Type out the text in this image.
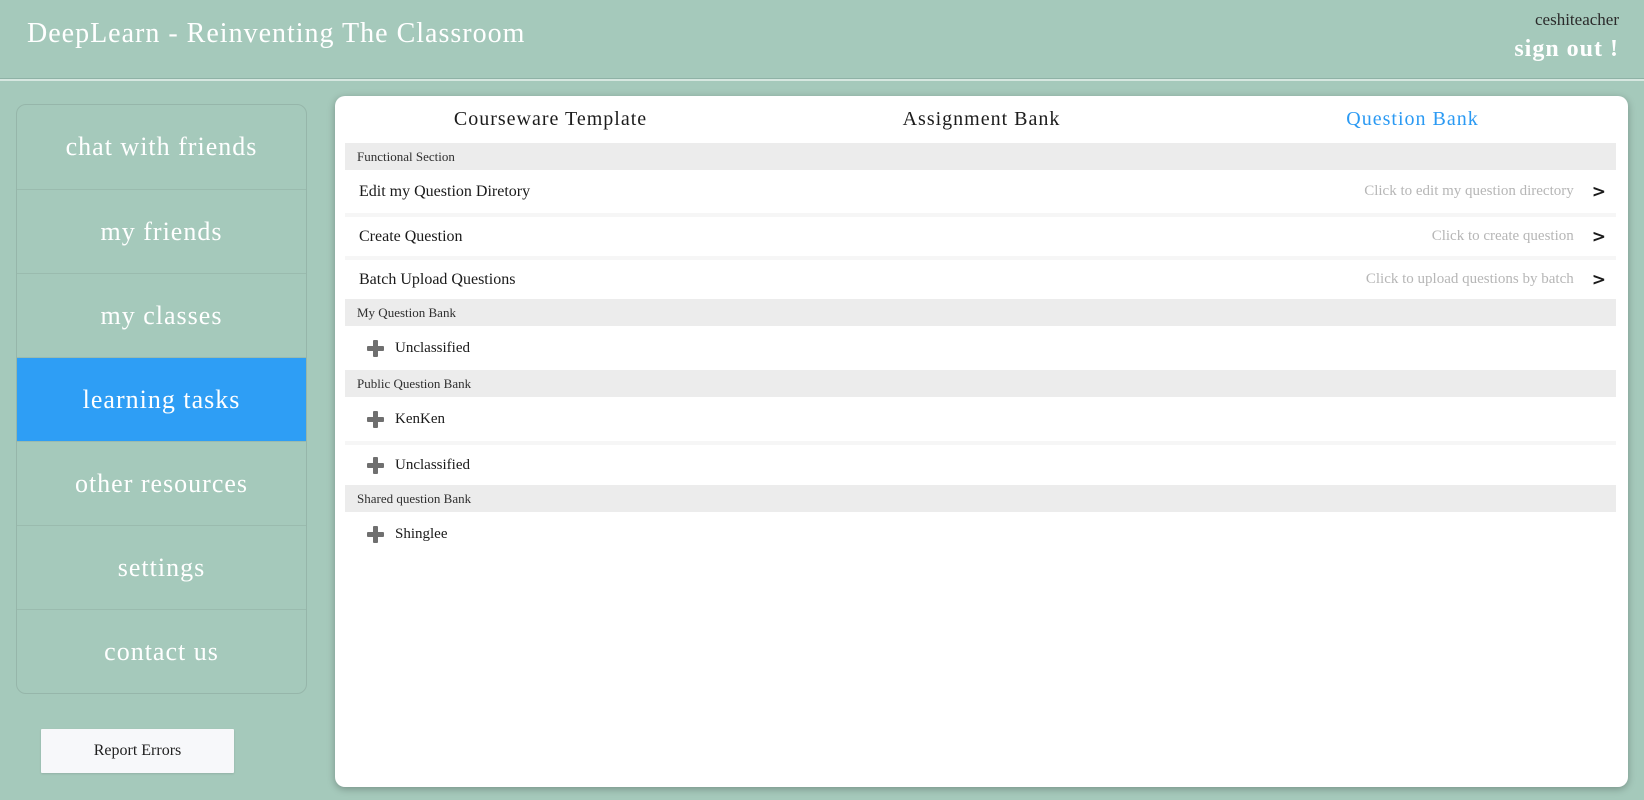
DeepLearn - Reinventing The Classroom	ceshiteacher
sign out !
chat with friends
my friends
my classes
learning tasks
other resources
settings
contact us
Report Errors
Courseware Template	Assignment Bank	Question Bank
Functional Section
Edit my Question Diretory	Click to edit my question directory >
Create Question	Click to create question >
Batch Upload Questions	Click to upload questions by batch >
My Question Bank
Unclassified
Public Question Bank
KenKen
Unclassified
Shared question Bank
Shinglee
